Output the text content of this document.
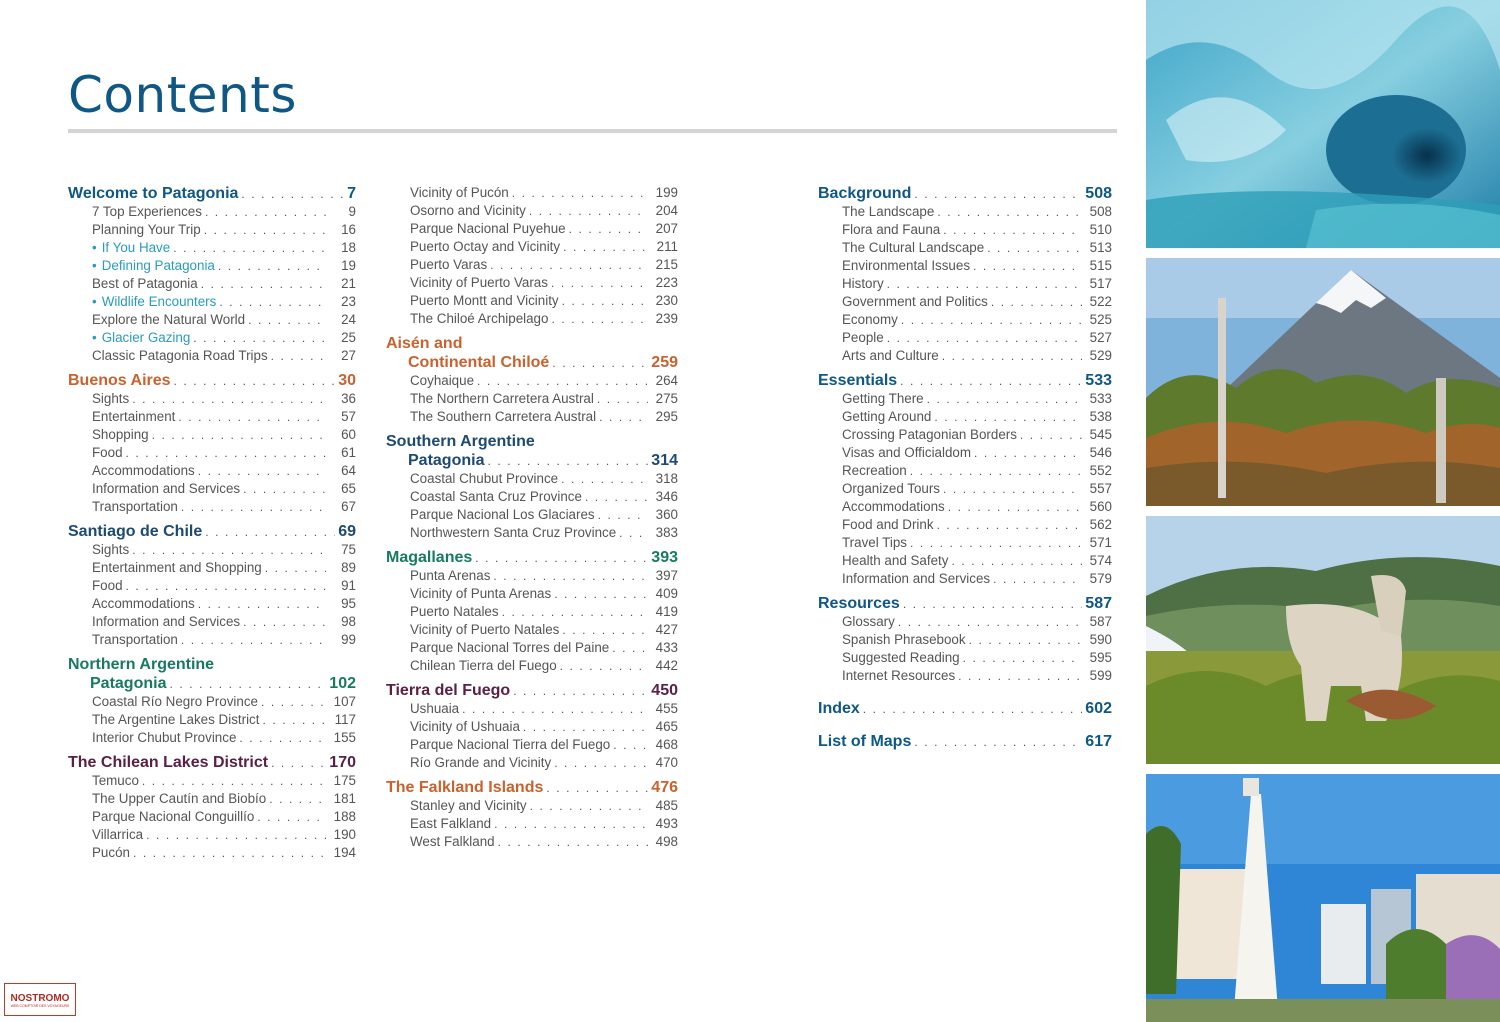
Contents
Welcome to Patagonia . . .	7
7 Top Experiences . . .	9
Planning Your Trip . . .	16
• If You Have . . .	18
• Defining Patagonia . . .	19
Best of Patagonia . . .	21
• Wildlife Encounters . . .	23
Explore the Natural World . . .	24
• Glacier Gazing . . .	25
Classic Patagonia Road Trips . . .	27
Buenos Aires . . .	30
Sights . . .	36
Entertainment . . .	57
Shopping . . .	60
Food . . .	61
Accommodations . . .	64
Information and Services . . .	65
Transportation . . .	67
Santiago de Chile . . .	69
Sights . . .	75
Entertainment and Shopping . . .	89
Food . . .	91
Accommodations . . .	95
Information and Services . . .	98
Transportation . . .	99
Northern Argentine
Patagonia . . .	102
Coastal Río Negro Province . . .	107
The Argentine Lakes District . . .	117
Interior Chubut Province . . .	155
The Chilean Lakes District . . .	170
Temuco . . .	175
The Upper Cautín and Biobío . . .	181
Parque Nacional Conguillío . . .	188
Villarrica . . .	190
Pucón . . .	194
Vicinity of Pucón . . .	199
Osorno and Vicinity . . .	204
Parque Nacional Puyehue . . .	207
Puerto Octay and Vicinity . . .	211
Puerto Varas . . .	215
Vicinity of Puerto Varas . . .	223
Puerto Montt and Vicinity . . .	230
The Chiloé Archipelago . . .	239
Aisén and
Continental Chiloé . . .	259
Coyhaique . . .	264
The Northern Carretera Austral . . .	275
The Southern Carretera Austral . . .	295
Southern Argentine
Patagonia . . .	314
Coastal Chubut Province . . .	318
Coastal Santa Cruz Province . . .	346
Parque Nacional Los Glaciares . . .	360
Northwestern Santa Cruz Province . . .	383
Magallanes . . .	393
Punta Arenas . . .	397
Vicinity of Punta Arenas . . .	409
Puerto Natales . . .	419
Vicinity of Puerto Natales . . .	427
Parque Nacional Torres del Paine . . .	433
Chilean Tierra del Fuego . . .	442
Tierra del Fuego . . .	450
Ushuaia . . .	455
Vicinity of Ushuaia . . .	465
Parque Nacional Tierra del Fuego . . .	468
Río Grande and Vicinity . . .	470
The Falkland Islands . . .	476
Stanley and Vicinity . . .	485
East Falkland . . .	493
West Falkland . . .	498
Background . . .	508
The Landscape . . .	508
Flora and Fauna . . .	510
The Cultural Landscape . . .	513
Environmental Issues . . .	515
History . . .	517
Government and Politics . . .	522
Economy . . .	525
People . . .	527
Arts and Culture . . .	529
Essentials . . .	533
Getting There . . .	533
Getting Around . . .	538
Crossing Patagonian Borders . . .	545
Visas and Officialdom . . .	546
Recreation . . .	552
Organized Tours . . .	557
Accommodations . . .	560
Food and Drink . . .	562
Travel Tips . . .	571
Health and Safety . . .	574
Information and Services . . .	579
Resources . . .	587
Glossary . . .	587
Spanish Phrasebook . . .	590
Suggested Reading . . .	595
Internet Resources . . .	599
Index . . .	602
List of Maps . . .	617
NOSTROMO
WEB COMPTOIR DES VOYAGEURS
